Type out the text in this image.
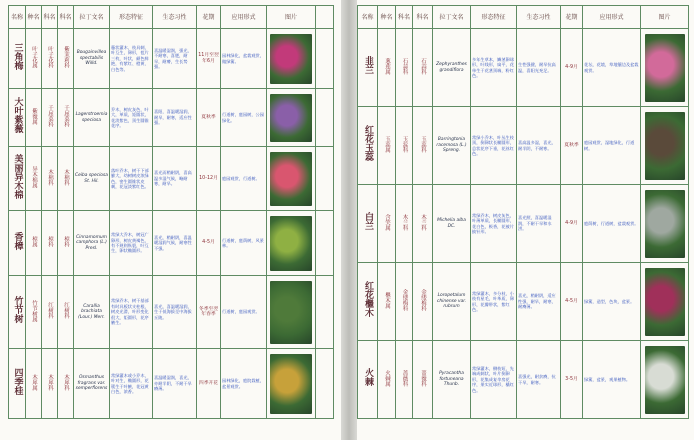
名称	种名	科名	科名	拉丁文名	形态特征	生态习性	花期	应用形式	图片	
三角梅	叶子花属	叶子花科	紫茉莉科	Bougainvillea spectabilis Willd.	藤状灌木，枝具刺，叶互生，卵形，苞片三枚，叶状，颜色鲜艳，有紫红、橙黄、白色等。	喜温暖湿润，强光，不耐寒，喜肥，耐旱，耐瘠，生长势强。	11月至翌年6月	园林绿化，盆栽观赏，做绿篱。	

大叶紫薇	紫薇属	千屈菜科	千屈菜科	Lagerstroemia speciosa	乔木，树皮灰色，叶大，革质，矩圆状，花淡紫色，顶生圆锥花序。	喜阳，喜温暖湿润，耐旱，耐寒，适应性强。	夏秋季	行道树，庭园树，公园绿化。	

美丽异木棉	异木棉属	木棉科	木棉科	Ceiba speciosa St. Hil.	落叶乔木，树干下部膨大，幼树树皮浓绿色，密生圆锥状皮刺，花冠淡紫红色。	喜光而稍耐阴，喜高温多湿气候，略耐寒，耐旱。	10-12月	庭园观赏，行道树。	

香樟	樟属	樟科	樟科	Cinnamomum camphora (L.) Presl.	常绿大乔木，树冠广卵形，树皮黄褐色，有不规则纵裂，叶互生，卵状椭圆形。	喜光，稍耐阴，喜温暖湿润气候，耐寒性不强。	4-5月	行道树，庭荫树，风景林。	

竹节树	竹节树属	红树科	红树科	Carallia brachiata (Lour.) Merr.	常绿乔木，树干基部有时具板状支柱根，树皮光滑，叶形变化很大，矩圆形，花序腋生。	喜光，喜温暖湿润，生于低海拔至中海拔丘陵。	冬季至翌年春季	行道树，庭园观赏。	

四季桂	木犀属	木犀科	木犀科	Osmanthus fragrans var. semperflorens	常绿灌木或小乔木，叶对生，椭圆形，花簇生于叶腋，花冠黄白色，浓香。	喜温暖湿润，喜光，亦耐半阴，不耐干旱瘠薄。	四季开花	园林绿化，庭院栽植，盆景观赏。	

名称	种名	科名	科名	拉丁文名	形态特征	生态习性	花期	应用形式	图片
韭兰	葱莲属	石蒜科	石蒜科	Zephyranthes grandiflora	多年生草本，鳞茎卵球形，叶线形，扁平，花单生于花茎顶端，粉红色。	生性强健，耐旱抗高温，喜阳光充足。	4-9月	花坛，花境，草地镶边及盆栽观赏。	

红花玉蕊	玉蕊属	玉蕊科	玉蕊科	Barringtonia racemosa (L.) Spreng.	常绿小乔木，叶丛生枝顶，倒卵状长椭圆形，总状花序下垂，花丝红色。	喜高温多湿，喜光，耐半阴，不耐寒。	夏秋季	庭园观赏，湿地绿化，行道树。	

白兰	含笑属	木兰科	木兰科	Michelia alba DC.	常绿乔木，树皮灰色，叶薄革质，长椭圆形，花白色，极香，花被片披针形。	喜光照，喜温暖湿润，不耐干旱和水涝。	4-9月	庭荫树，行道树，盆栽观赏。	

红花檵木	檵木属	金缕梅科	金缕梅科	Loropetalum chinense var. rubrum	常绿灌木，多分枝，小枝有星毛，叶革质，卵形，花瓣带状，紫红色。	喜光，稍耐阴，适应性强，耐旱，耐寒，耐瘠薄。	4-5月	绿篱，造型，色块，盆景。	

火棘	火棘属	蔷薇科	蔷薇科	Pyracantha fortuneana Thunb.	常绿灌木，侧枝短，先端成刺状，叶片倒卵形，花集成复伞房花序，果实近球形，橘红色。	喜强光，耐贫瘠，抗干旱，耐寒。	3-5月	绿篱，盆景，观果植物。	
